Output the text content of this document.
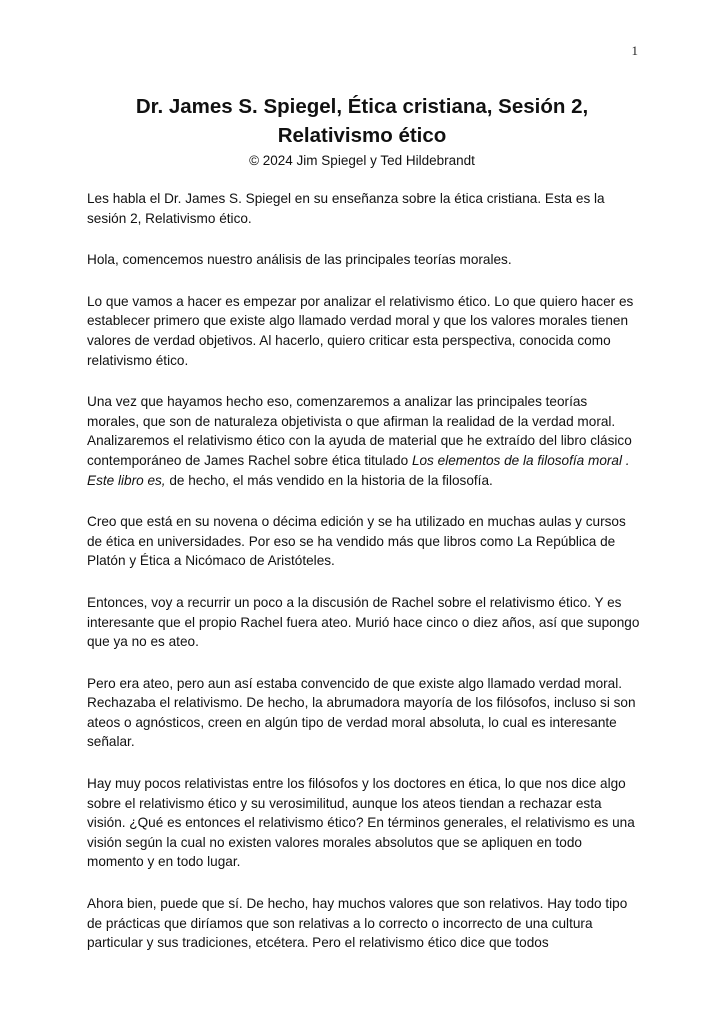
1
Dr. James S. Spiegel, Ética cristiana, Sesión 2,
Relativismo ético
© 2024 Jim Spiegel y Ted Hildebrandt

Les habla el Dr. James S. Spiegel en su enseñanza sobre la ética cristiana. Esta es la sesión 2, Relativismo ético.

Hola, comencemos nuestro análisis de las principales teorías morales.

Lo que vamos a hacer es empezar por analizar el relativismo ético. Lo que quiero hacer es establecer primero que existe algo llamado verdad moral y que los valores morales tienen valores de verdad objetivos. Al hacerlo, quiero criticar esta perspectiva, conocida como relativismo ético.

Una vez que hayamos hecho eso, comenzaremos a analizar las principales teorías morales, que son de naturaleza objetivista o que afirman la realidad de la verdad moral. Analizaremos el relativismo ético con la ayuda de material que he extraído del libro clásico contemporáneo de James Rachel sobre ética titulado Los elementos de la filosofía moral . Este libro es, de hecho, el más vendido en la historia de la filosofía.

Creo que está en su novena o décima edición y se ha utilizado en muchas aulas y cursos de ética en universidades. Por eso se ha vendido más que libros como La República de Platón y Ética a Nicómaco de Aristóteles.

Entonces, voy a recurrir un poco a la discusión de Rachel sobre el relativismo ético. Y es interesante que el propio Rachel fuera ateo. Murió hace cinco o diez años, así que supongo que ya no es ateo.

Pero era ateo, pero aun así estaba convencido de que existe algo llamado verdad moral. Rechazaba el relativismo. De hecho, la abrumadora mayoría de los filósofos, incluso si son ateos o agnósticos, creen en algún tipo de verdad moral absoluta, lo cual es interesante señalar.

Hay muy pocos relativistas entre los filósofos y los doctores en ética, lo que nos dice algo sobre el relativismo ético y su verosimilitud, aunque los ateos tiendan a rechazar esta visión. ¿Qué es entonces el relativismo ético? En términos generales, el relativismo es una visión según la cual no existen valores morales absolutos que se apliquen en todo momento y en todo lugar.

Ahora bien, puede que sí. De hecho, hay muchos valores que son relativos. Hay todo tipo de prácticas que diríamos que son relativas a lo correcto o incorrecto de una cultura particular y sus tradiciones, etcétera. Pero el relativismo ético dice que todos
